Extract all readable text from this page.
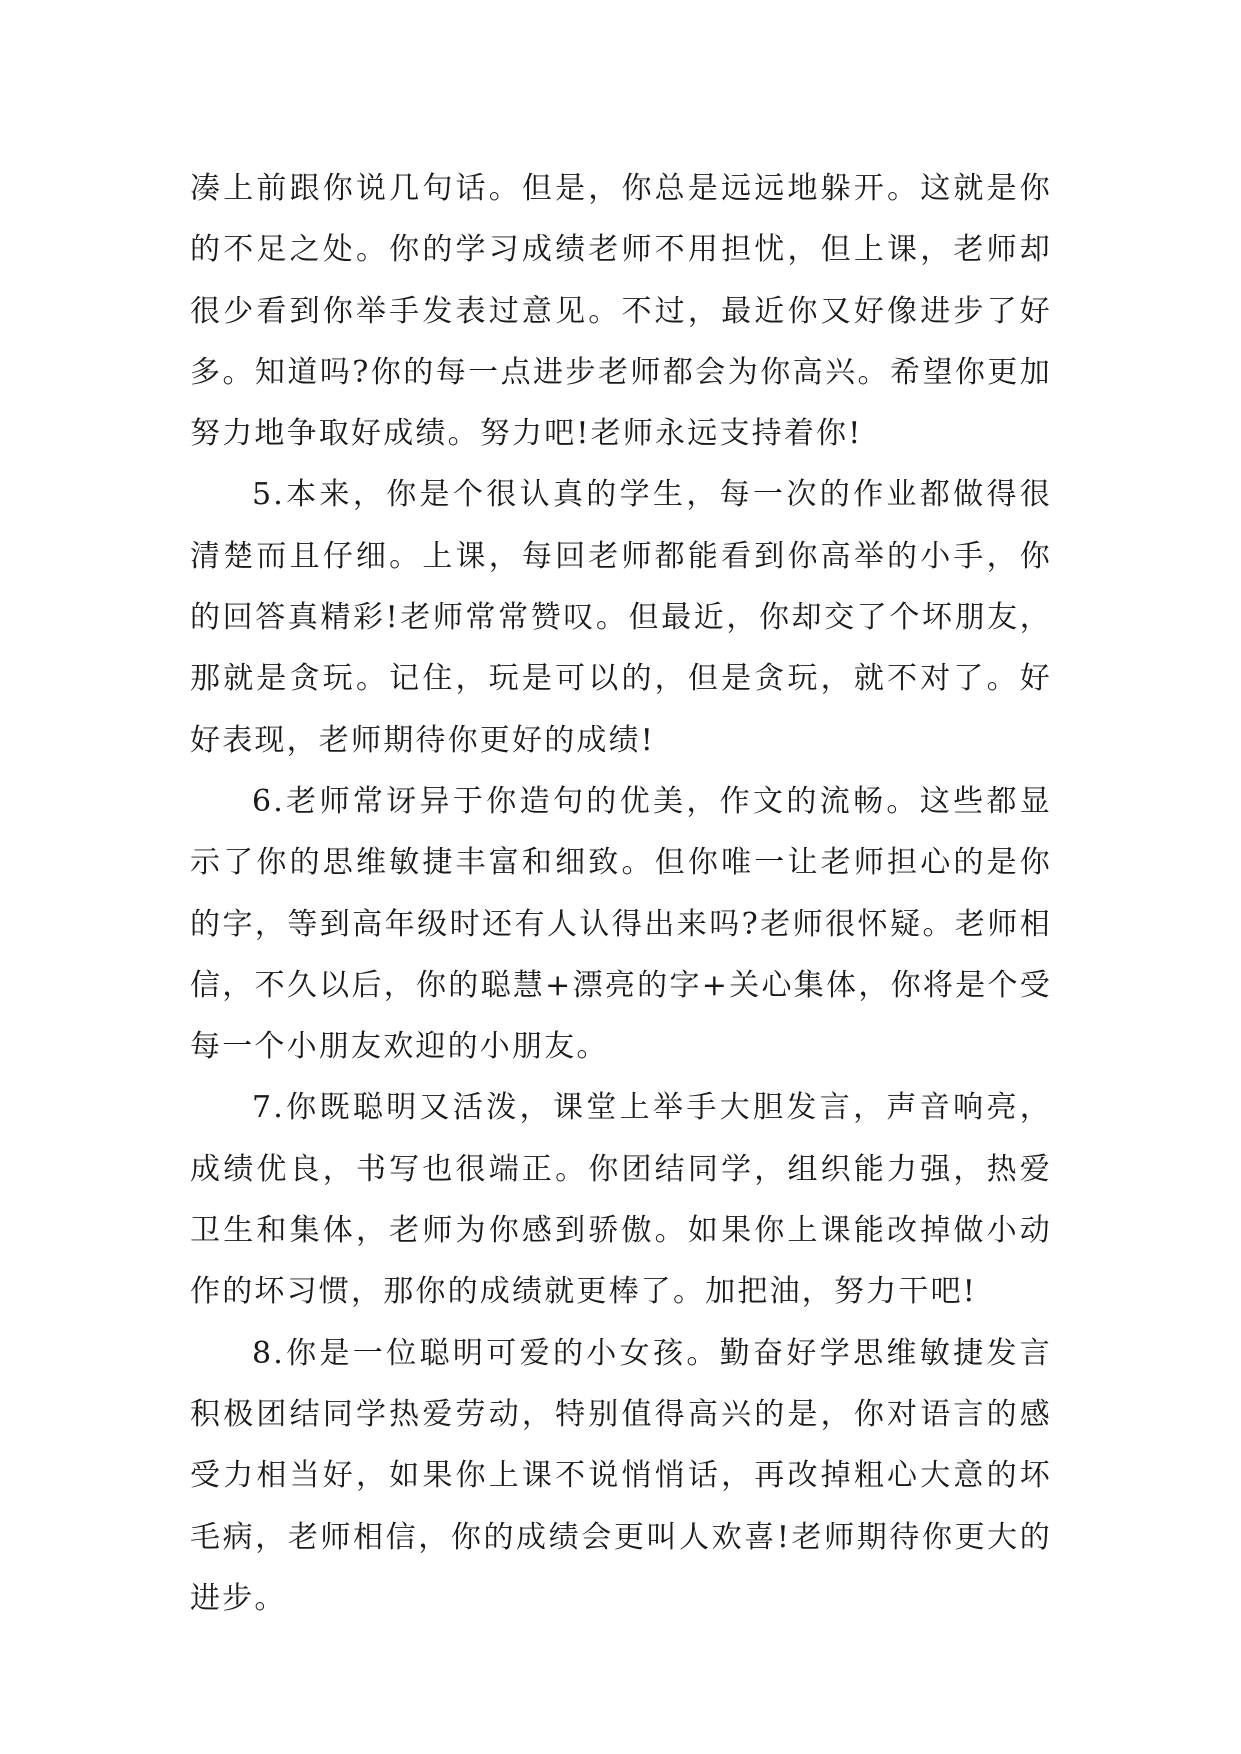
凑上前跟你说几句话。但是，你总是远远地躲开。这就是你的不足之处。你的学习成绩老师不用担忧，但上课，老师却很少看到你举手发表过意见。不过，最近你又好像进步了好多。知道吗?你的每一点进步老师都会为你高兴。希望你更加努力地争取好成绩。努力吧!老师永远支持着你!

5.本来，你是个很认真的学生，每一次的作业都做得很清楚而且仔细。上课，每回老师都能看到你高举的小手，你的回答真精彩!老师常常赞叹。但最近，你却交了个坏朋友，那就是贪玩。记住，玩是可以的，但是贪玩，就不对了。好好表现，老师期待你更好的成绩!

6.老师常讶异于你造句的优美，作文的流畅。这些都显示了你的思维敏捷丰富和细致。但你唯一让老师担心的是你的字，等到高年级时还有人认得出来吗?老师很怀疑。老师相信，不久以后，你的聪慧+漂亮的字+关心集体，你将是个受每一个小朋友欢迎的小朋友。

7.你既聪明又活泼，课堂上举手大胆发言，声音响亮，成绩优良，书写也很端正。你团结同学，组织能力强，热爱卫生和集体，老师为你感到骄傲。如果你上课能改掉做小动作的坏习惯，那你的成绩就更棒了。加把油，努力干吧!

8.你是一位聪明可爱的小女孩。勤奋好学思维敏捷发言积极团结同学热爱劳动，特别值得高兴的是，你对语言的感受力相当好，如果你上课不说悄悄话，再改掉粗心大意的坏毛病，老师相信，你的成绩会更叫人欢喜!老师期待你更大的进步。
